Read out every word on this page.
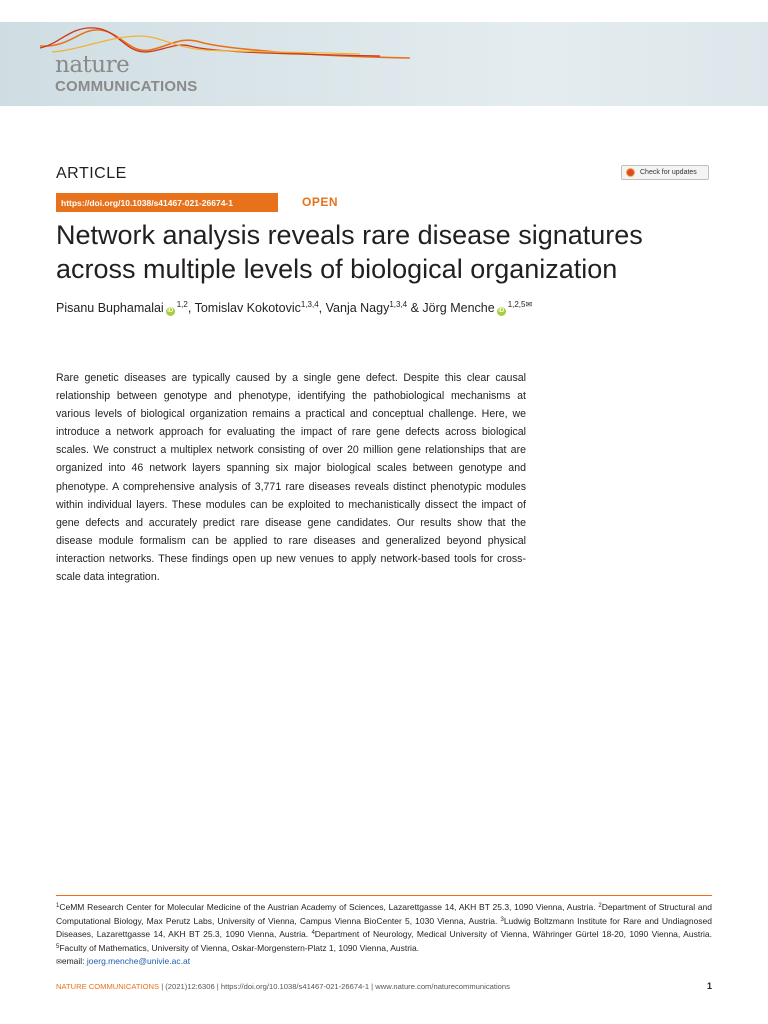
nature
COMMUNICATIONS
ARTICLE	Check for updates
https://doi.org/10.1038/s41467-021-26674-1	OPEN
Network analysis reveals rare disease signatures across multiple levels of biological organization
Pisanu Buphamalai iD$^{1,2}$, Tomislav Kokotovic$^{1,3,4}$, Vanja Nagy$^{1,3,4}$ & Jörg Menche $iD^{1,2,5✉}$
Rare genetic diseases are typically caused by a single gene defect. Despite this clear causal relationship between genotype and phenotype, identifying the pathobiological mechanisms at various levels of biological organization remains a practical and conceptual challenge. Here, we introduce a network approach for evaluating the impact of rare gene defects across biological scales. We construct a multiplex network consisting of over 20 million gene relationships that are organized into 46 network layers spanning six major biological scales between genotype and phenotype. A comprehensive analysis of 3,771 rare diseases reveals distinct phenotypic modules within individual layers. These modules can be exploited to mechanistically dissect the impact of gene defects and accurately predict rare disease gene candidates. Our results show that the disease module formalism can be applied to rare diseases and generalized beyond physical interaction networks. These findings open up new venues to apply network-based tools for cross-scale data integration.
$^1$CeMM Research Center for Molecular Medicine of the Austrian Academy of Sciences, Lazarettgasse 14, AKH BT 25.3, 1090 Vienna, Austria. $^2$Department of Structural and Computational Biology, Max Perutz Labs, University of Vienna, Campus Vienna BioCenter 5, 1030 Vienna, Austria. $^3$Ludwig Boltzmann Institute for Rare and Undiagnosed Diseases, Lazarettgasse 14, AKH BT 25.3, 1090 Vienna, Austria. $^4$Department of Neurology, Medical University of Vienna, Währinger Gürtel 18-20, 1090 Vienna, Austria. $^5$Faculty of Mathematics, University of Vienna, Oskar-Morgenstern-Platz 1, 1090 Vienna, Austria.
✉email: joerg.menche@univie.ac.at
NATURE COMMUNICATIONS | (2021)12:6306 | https://doi.org/10.1038/s41467-021-26674-1 | www.nature.com/naturecommunications	1
